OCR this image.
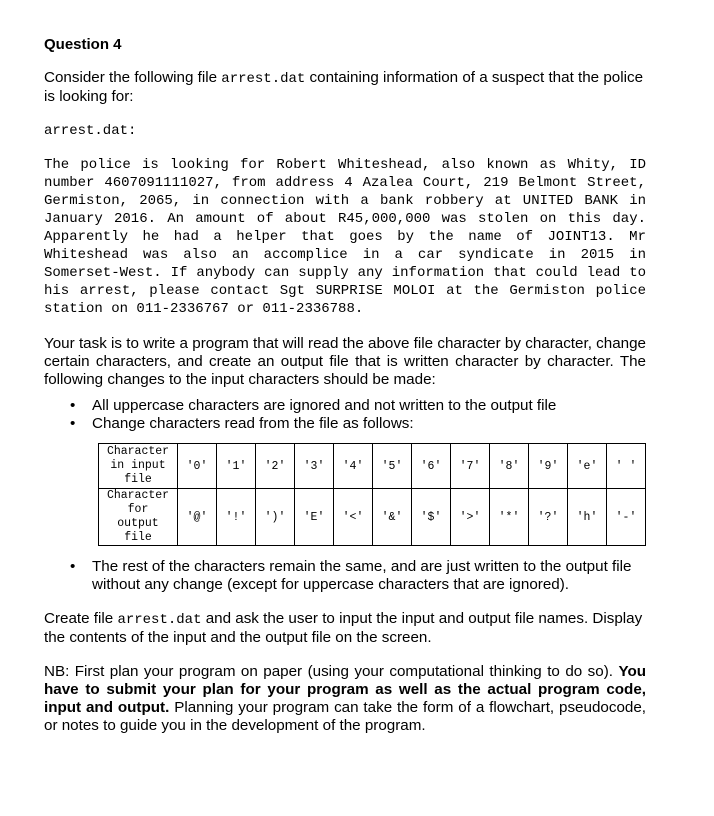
Question 4

Consider the following file arrest.dat containing information of a suspect that the police is looking for:

arrest.dat:
The police is looking for Robert Whiteshead, also known as Whity, ID number 4607091111027, from address 4 Azalea Court, 219 Belmont Street, Germiston, 2065, in connection with a bank robbery at UNITED BANK in January 2016. An amount of about R45,000,000 was stolen on this day. Apparently he had a helper that goes by the name of JOINT13. Mr Whiteshead was also an accomplice in a car syndicate in 2015 in Somerset-West. If anybody can supply any information that could lead to his arrest, please contact Sgt SURPRISE MOLOI at the Germiston police station on 011-2336767 or 011-2336788.

Your task is to write a program that will read the above file character by character, change certain characters, and create an output file that is written character by character. The following changes to the input characters should be made:

• All uppercase characters are ignored and not written to the output file
• Change characters read from the file as follows:
Character
in input
file	'0'	'1'	'2'	'3'	'4'	'5'	'6'	'7'	'8'	'9'	'e'	' '

Character
for
output
file	'@'	'!'	')'	'E'	'<'	'&'	'$'	'>'	'*'	'?'	'h'	'-'

• The rest of the characters remain the same, and are just written to the output file without any change (except for uppercase characters that are ignored).

Create file arrest.dat and ask the user to input the input and output file names. Display the contents of the input and the output file on the screen.

NB: First plan your program on paper (using your computational thinking to do so). You have to submit your plan for your program as well as the actual program code, input and output. Planning your program can take the form of a flowchart, pseudocode, or notes to guide you in the development of the program.
